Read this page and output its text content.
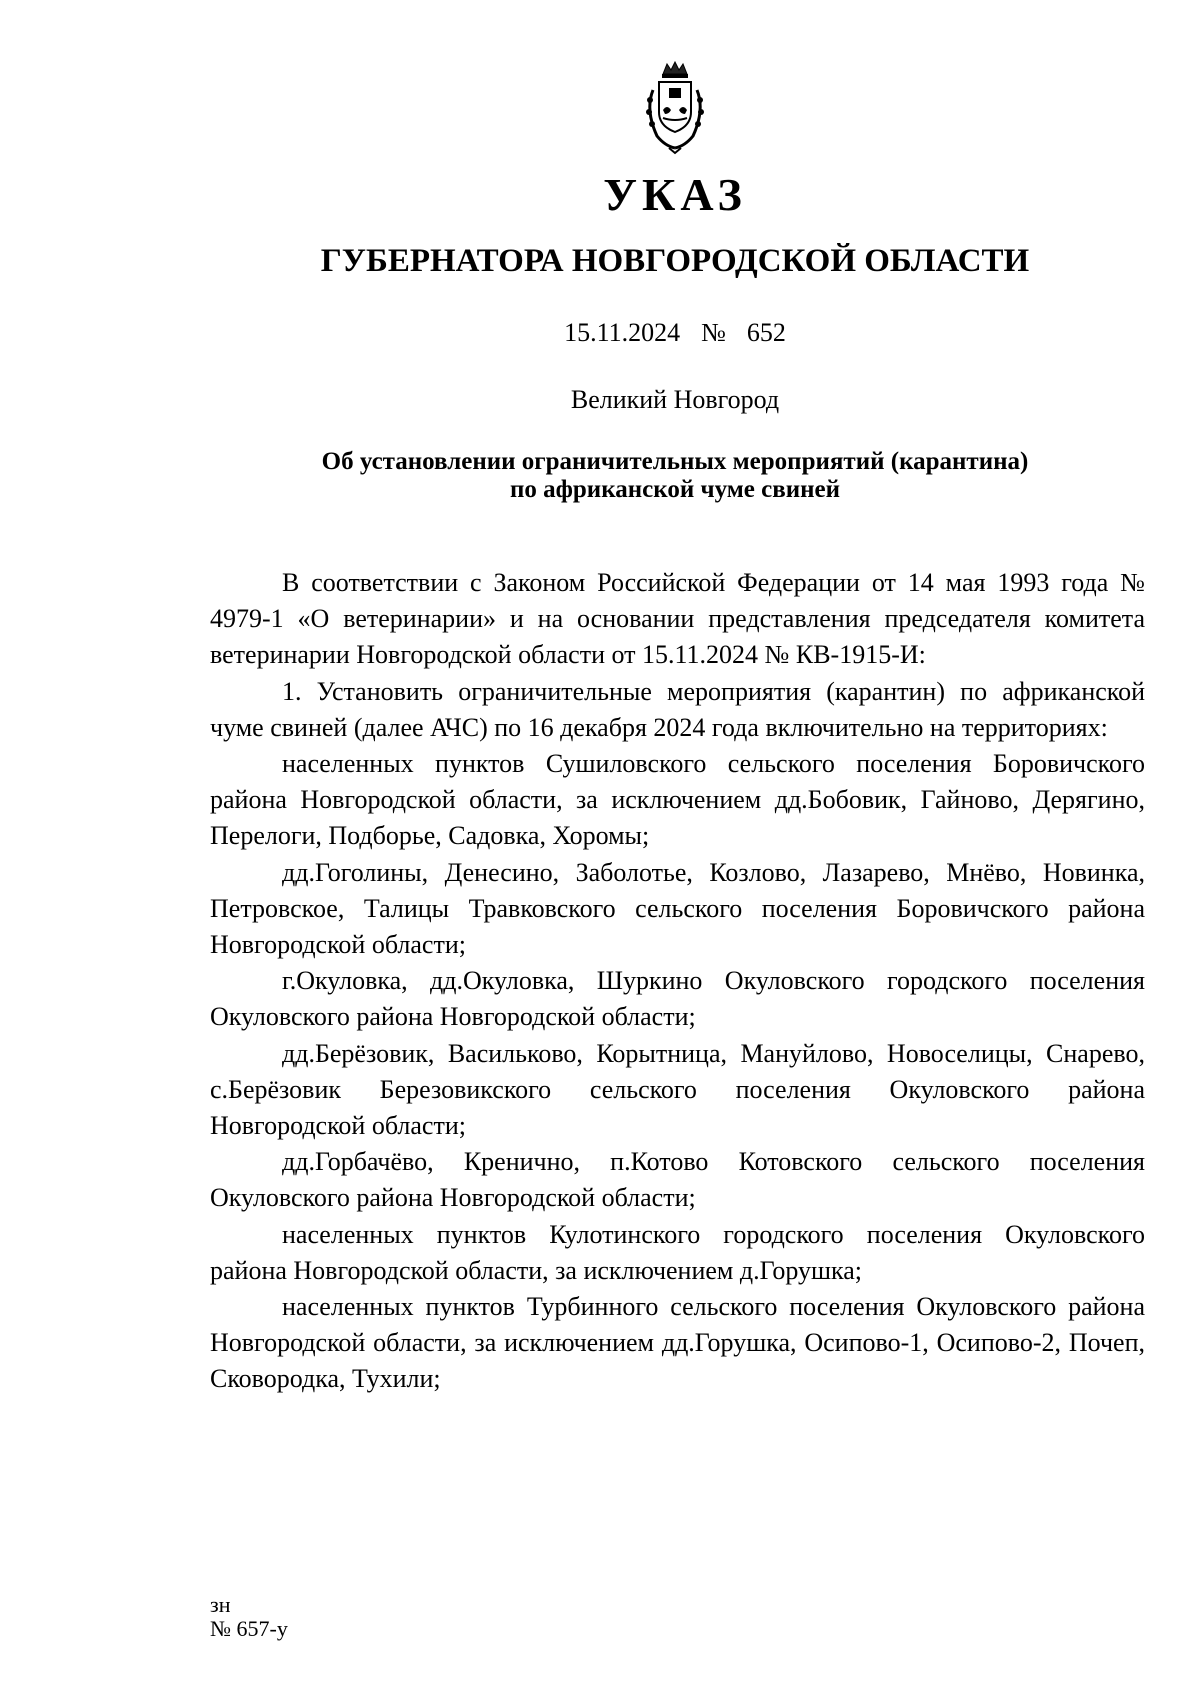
УКАЗ
ГУБЕРНАТОРА НОВГОРОДСКОЙ ОБЛАСТИ
15.11.2024 № 652
Великий Новгород
Об установлении ограничительных мероприятий (карантина)
по африканской чуме свиней

В соответствии с Законом Российской Федерации от 14 мая 1993 года № 4979-1 «О ветеринарии» и на основании представления председателя комитета ветеринарии Новгородской области от 15.11.2024 № КВ-1915-И:

1. Установить ограничительные мероприятия (карантин) по африканской чуме свиней (далее АЧС) по 16 декабря 2024 года включительно на территориях:

населенных пунктов Сушиловского сельского поселения Боровичского района Новгородской области, за исключением дд.Бобовик, Гайново, Дерягино, Перелоги, Подборье, Садовка, Хоромы;

дд.Гоголины, Денесино, Заболотье, Козлово, Лазарево, Мнёво, Новинка, Петровское, Талицы Травковского сельского поселения Боровичского района Новгородской области;

г.Окуловка, дд.Окуловка, Шуркино Окуловского городского поселения Окуловского района Новгородской области;

дд.Берёзовик, Васильково, Корытница, Мануйлово, Новоселицы, Снарево, с.Берёзовик Березовикского сельского поселения Окуловского района Новгородской области;

дд.Горбачёво, Кренично, п.Котово Котовского сельского поселения Окуловского района Новгородской области;

населенных пунктов Кулотинского городского поселения Окуловского района Новгородской области, за исключением д.Горушка;

населенных пунктов Турбинного сельского поселения Окуловского района Новгородской области, за исключением дд.Горушка, Осипово-1, Осипово-2, Почеп, Сковородка, Тухили;

зн
№ 657-у
